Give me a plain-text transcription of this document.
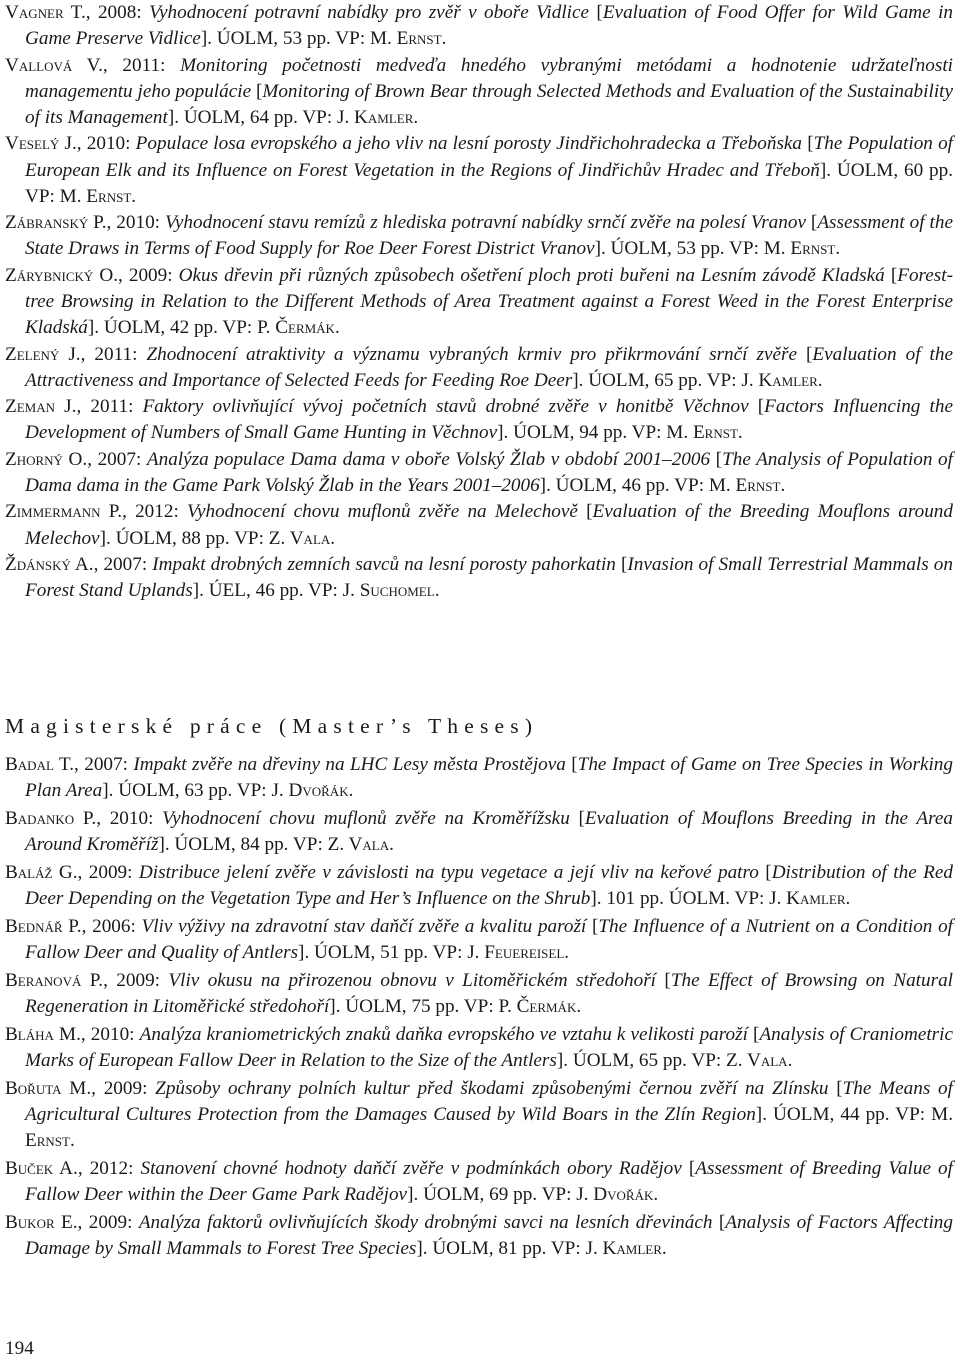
Vagner T., 2008: Vyhodnocení potravní nabídky pro zvěř v oboře Vidlice [Evaluation of Food Offer for Wild Game in Game Preserve Vidlice]. ÚOLM, 53 pp. VP: M. Ernst.

Vallová V., 2011: Monitoring početnosti medveďa hnedého vybranými metódami a hodnotenie udržateľnosti managementu jeho populácie [Monitoring of Brown Bear through Selected Methods and Evaluation of the Sustainability of its Management]. ÚOLM, 64 pp. VP: J. Kamler.

Veselý J., 2010: Populace losa evropského a jeho vliv na lesní porosty Jindřichohradecka a Třeboňska [The Population of European Elk and its Influence on Forest Vegetation in the Regions of Jindřichův Hradec and Třeboň]. ÚOLM, 60 pp. VP: M. Ernst.

Zábranský P., 2010: Vyhodnocení stavu remízů z hlediska potravní nabídky srnčí zvěře na polesí Vranov [Assessment of the State Draws in Terms of Food Supply for Roe Deer Forest District Vranov]. ÚOLM, 53 pp. VP: M. Ernst.

Zárybnický O., 2009: Okus dřevin při různých způsobech ošetření ploch proti buřeni na Lesním závodě Kladská [Forest-tree Browsing in Relation to the Different Methods of Area Treatment against a Forest Weed in the Forest Enterprise Kladská]. ÚOLM, 42 pp. VP: P. Čermák.

Zelený J., 2011: Zhodnocení atraktivity a významu vybraných krmiv pro přikrmování srnčí zvěře [Evaluation of the Attractiveness and Importance of Selected Feeds for Feeding Roe Deer]. ÚOLM, 65 pp. VP: J. Kamler.

Zeman J., 2011: Faktory ovlivňující vývoj početních stavů drobné zvěře v honitbě Věchnov [Factors Influencing the Development of Numbers of Small Game Hunting in Věchnov]. ÚOLM, 94 pp. VP: M. Ernst.

Zhorný O., 2007: Analýza populace Dama dama v oboře Volský Žlab v období 2001–2006 [The Analysis of Population of Dama dama in the Game Park Volský Žlab in the Years 2001–2006]. ÚOLM, 46 pp. VP: M. Ernst.

Zimmermann P., 2012: Vyhodnocení chovu muflonů zvěře na Melechově [Evaluation of the Breeding Mouflons around Melechov]. ÚOLM, 88 pp. VP: Z. Vala.

Ždánský A., 2007: Impakt drobných zemních savců na lesní porosty pahorkatin [Invasion of Small Terrestrial Mammals on Forest Stand Uplands]. ÚEL, 46 pp. VP: J. Suchomel.

Magisterské práce (Master’s Theses)

Badal T., 2007: Impakt zvěře na dřeviny na LHC Lesy města Prostějova [The Impact of Game on Tree Species in Working Plan Area]. ÚOLM, 63 pp. VP: J. Dvořák.

Badanko P., 2010: Vyhodnocení chovu muflonů zvěře na Kroměřížsku [Evaluation of Mouflons Breeding in the Area Around Kroměříž]. ÚOLM, 84 pp. VP: Z. Vala.

Baláž G., 2009: Distribuce jelení zvěře v závislosti na typu vegetace a její vliv na keřové patro [Distribution of the Red Deer Depending on the Vegetation Type and Her’s Influence on the Shrub]. 101 pp. ÚOLM. VP: J. Kamler.

Bednář P., 2006: Vliv výživy na zdravotní stav daňčí zvěře a kvalitu paroží [The Influence of a Nutrient on a Condition of Fallow Deer and Quality of Antlers]. ÚOLM, 51 pp. VP: J. Feuereisel.

Beranová P., 2009: Vliv okusu na přirozenou obnovu v Litoměřickém středohoří [The Effect of Browsing on Natural Regeneration in Litoměřické středohoří]. ÚOLM, 75 pp. VP: P. Čermák.

Bláha M., 2010: Analýza kraniometrických znaků daňka evropského ve vztahu k velikosti paroží [Analysis of Craniometric Marks of European Fallow Deer in Relation to the Size of the Antlers]. ÚOLM, 65 pp. VP: Z. Vala.

Bořuta M., 2009: Způsoby ochrany polních kultur před škodami způsobenými černou zvěří na Zlínsku [The Means of Agricultural Cultures Protection from the Damages Caused by Wild Boars in the Zlín Region]. ÚOLM, 44 pp. VP: M. Ernst.

Buček A., 2012: Stanovení chovné hodnoty daňčí zvěře v podmínkách obory Radějov [Assessment of Breeding Value of Fallow Deer within the Deer Game Park Radějov]. ÚOLM, 69 pp. VP: J. Dvořák.

Bukor E., 2009: Analýza faktorů ovlivňujících škody drobnými savci na lesních dřevinách [Analysis of Factors Affecting Damage by Small Mammals to Forest Tree Species]. ÚOLM, 81 pp. VP: J. Kamler.

194
